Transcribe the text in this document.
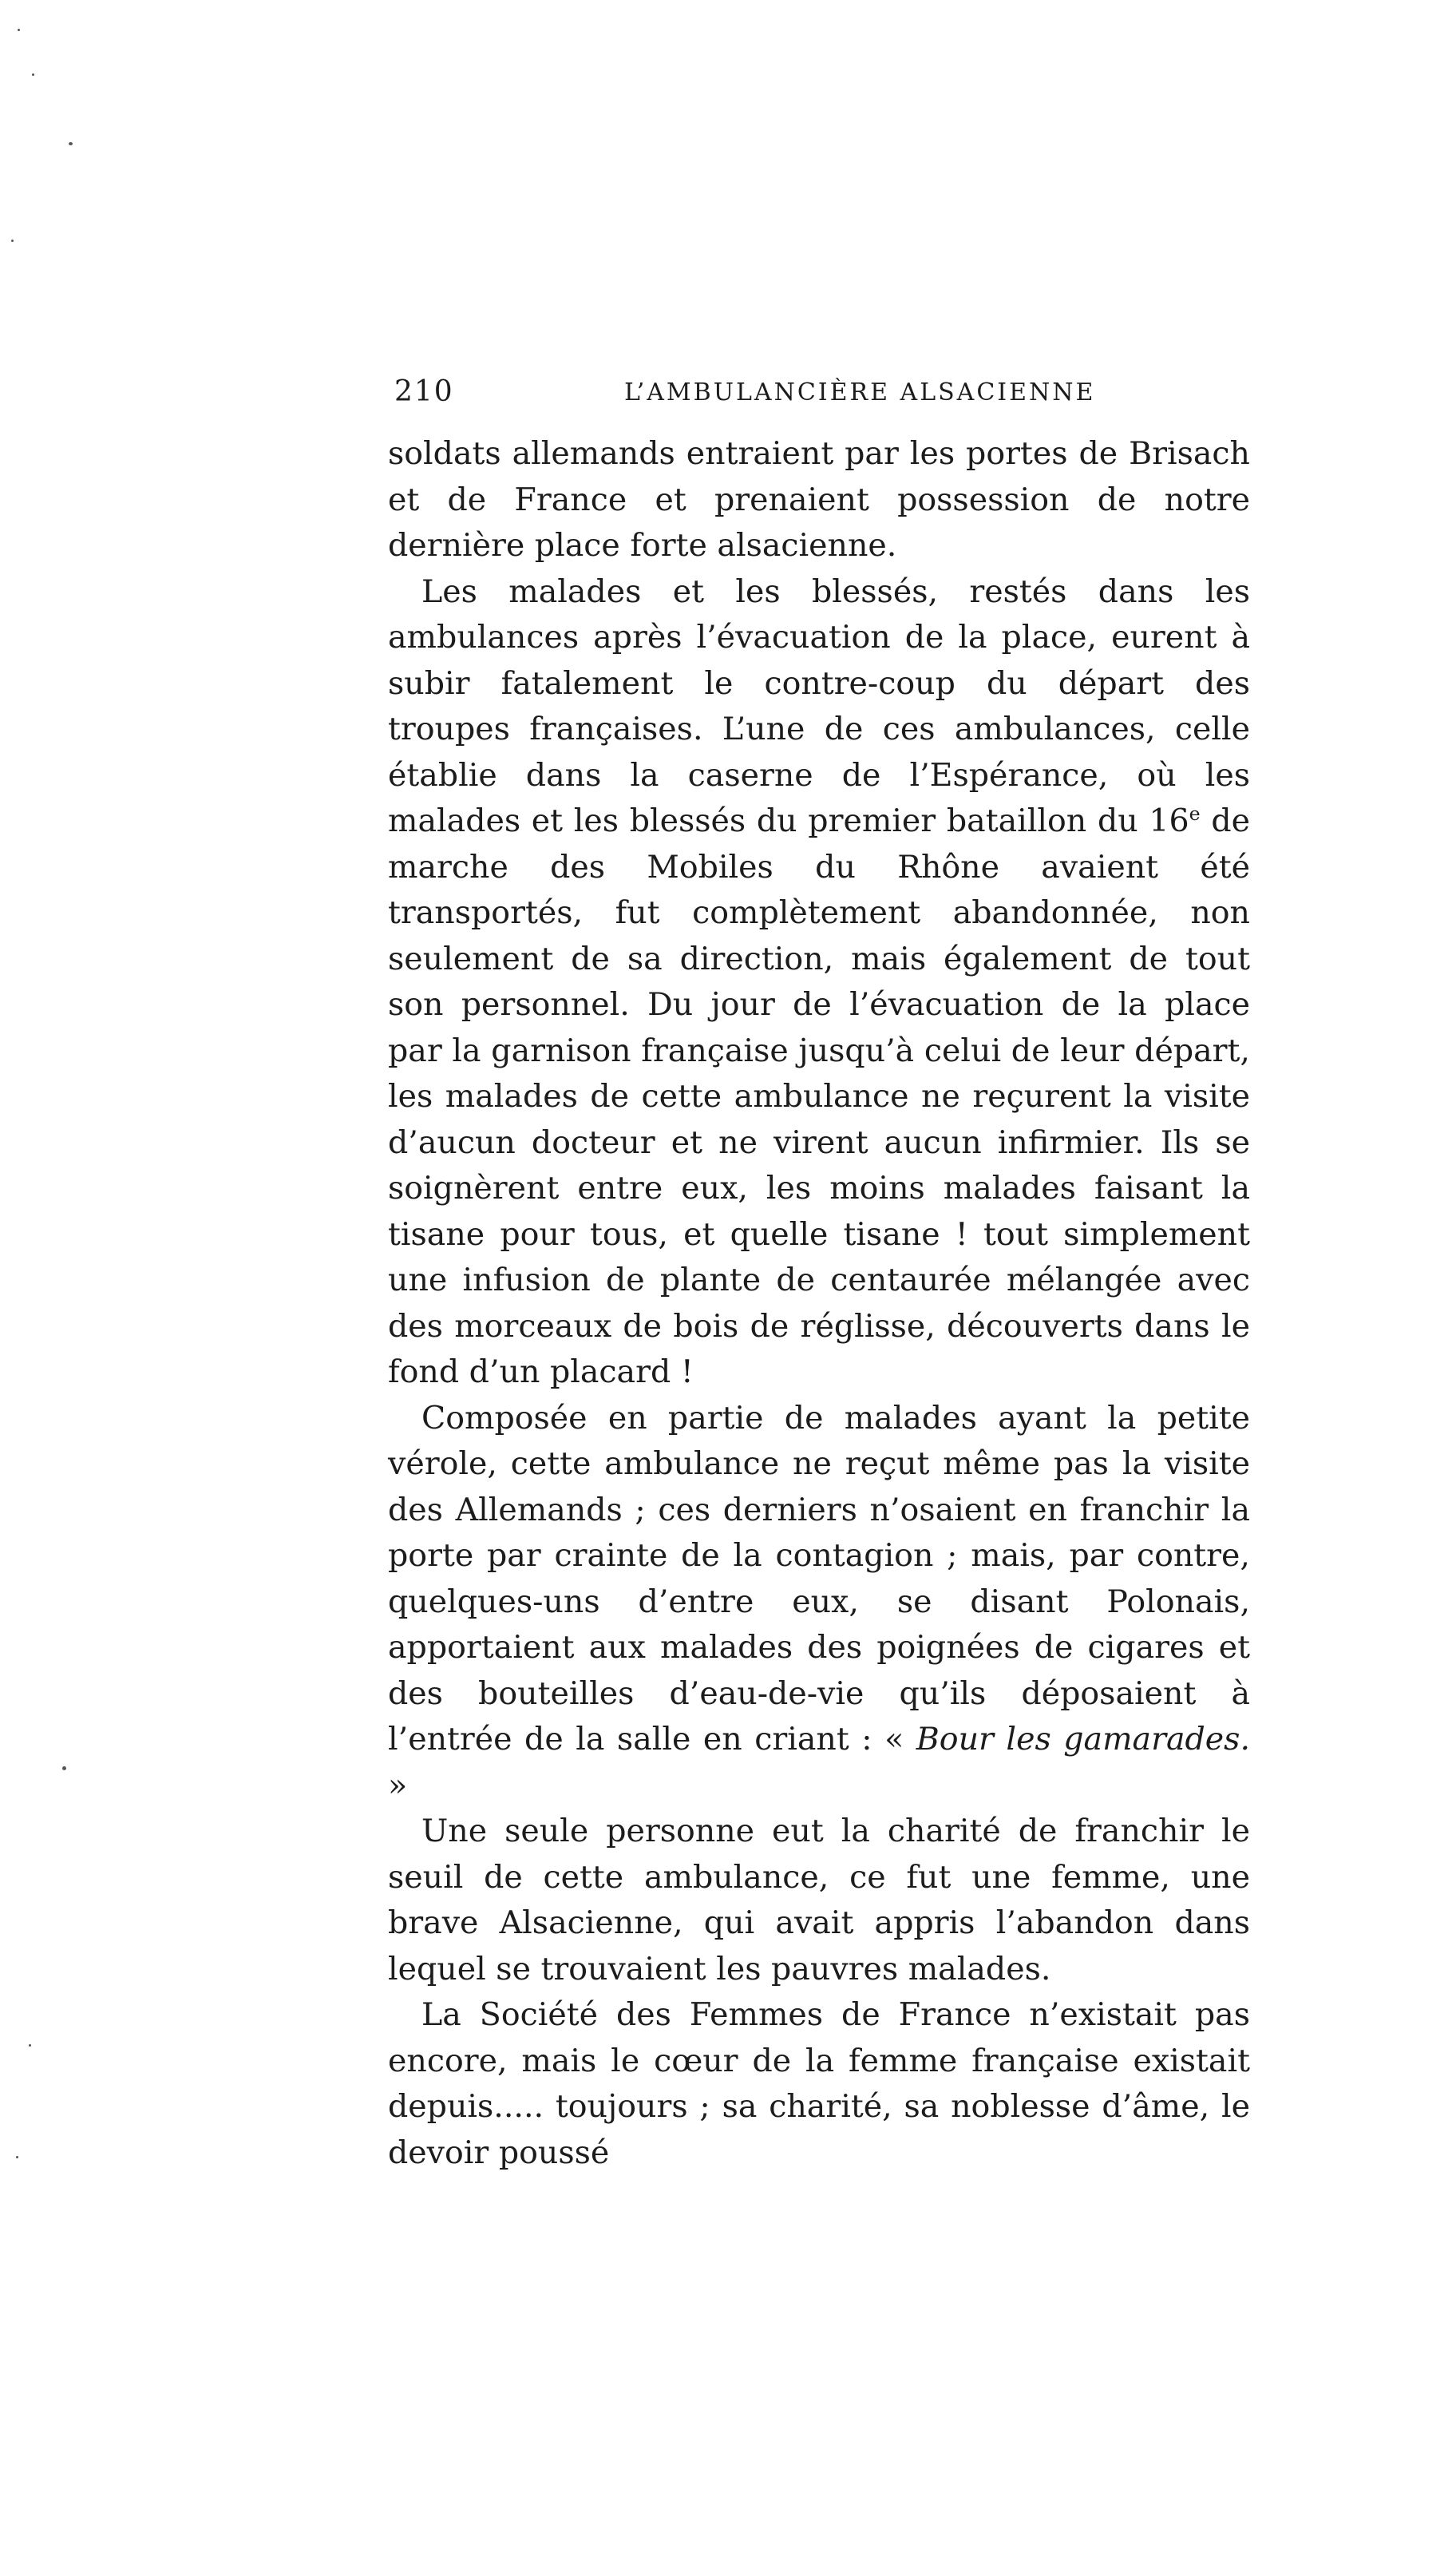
210	L’AMBULANCIÈRE ALSACIENNE

soldats allemands entraient par les portes de Brisach et de France et prenaient possession de notre dernière place forte alsacienne.

Les malades et les blessés, restés dans les ambulances après l’évacuation de la place, eurent à subir fatalement le contre-coup du départ des troupes françaises. L’une de ces ambulances, celle établie dans la caserne de l’Espérance, où les malades et les blessés du premier bataillon du 16e de marche des Mobiles du Rhône avaient été transportés, fut complètement abandonnée, non seulement de sa direction, mais également de tout son personnel. Du jour de l’évacuation de la place par la garnison française jusqu’à celui de leur départ, les malades de cette ambulance ne reçurent la visite d’aucun docteur et ne virent aucun infirmier. Ils se soignèrent entre eux, les moins malades faisant la tisane pour tous, et quelle tisane ! tout simplement une infusion de plante de centaurée mélangée avec des morceaux de bois de réglisse, découverts dans le fond d’un placard !

Composée en partie de malades ayant la petite vérole, cette ambulance ne reçut même pas la visite des Allemands ; ces derniers n’osaient en franchir la porte par crainte de la contagion ; mais, par contre, quelques-uns d’entre eux, se disant Polonais, apportaient aux malades des poignées de cigares et des bouteilles d’eau-de-vie qu’ils déposaient à l’entrée de la salle en criant : « Bour les gamarades. »

Une seule personne eut la charité de franchir le seuil de cette ambulance, ce fut une femme, une brave Alsacienne, qui avait appris l’abandon dans lequel se trouvaient les pauvres malades.

La Société des Femmes de France n’existait pas encore, mais le cœur de la femme française existait depuis..... toujours ; sa charité, sa noblesse d’âme, le devoir poussé
